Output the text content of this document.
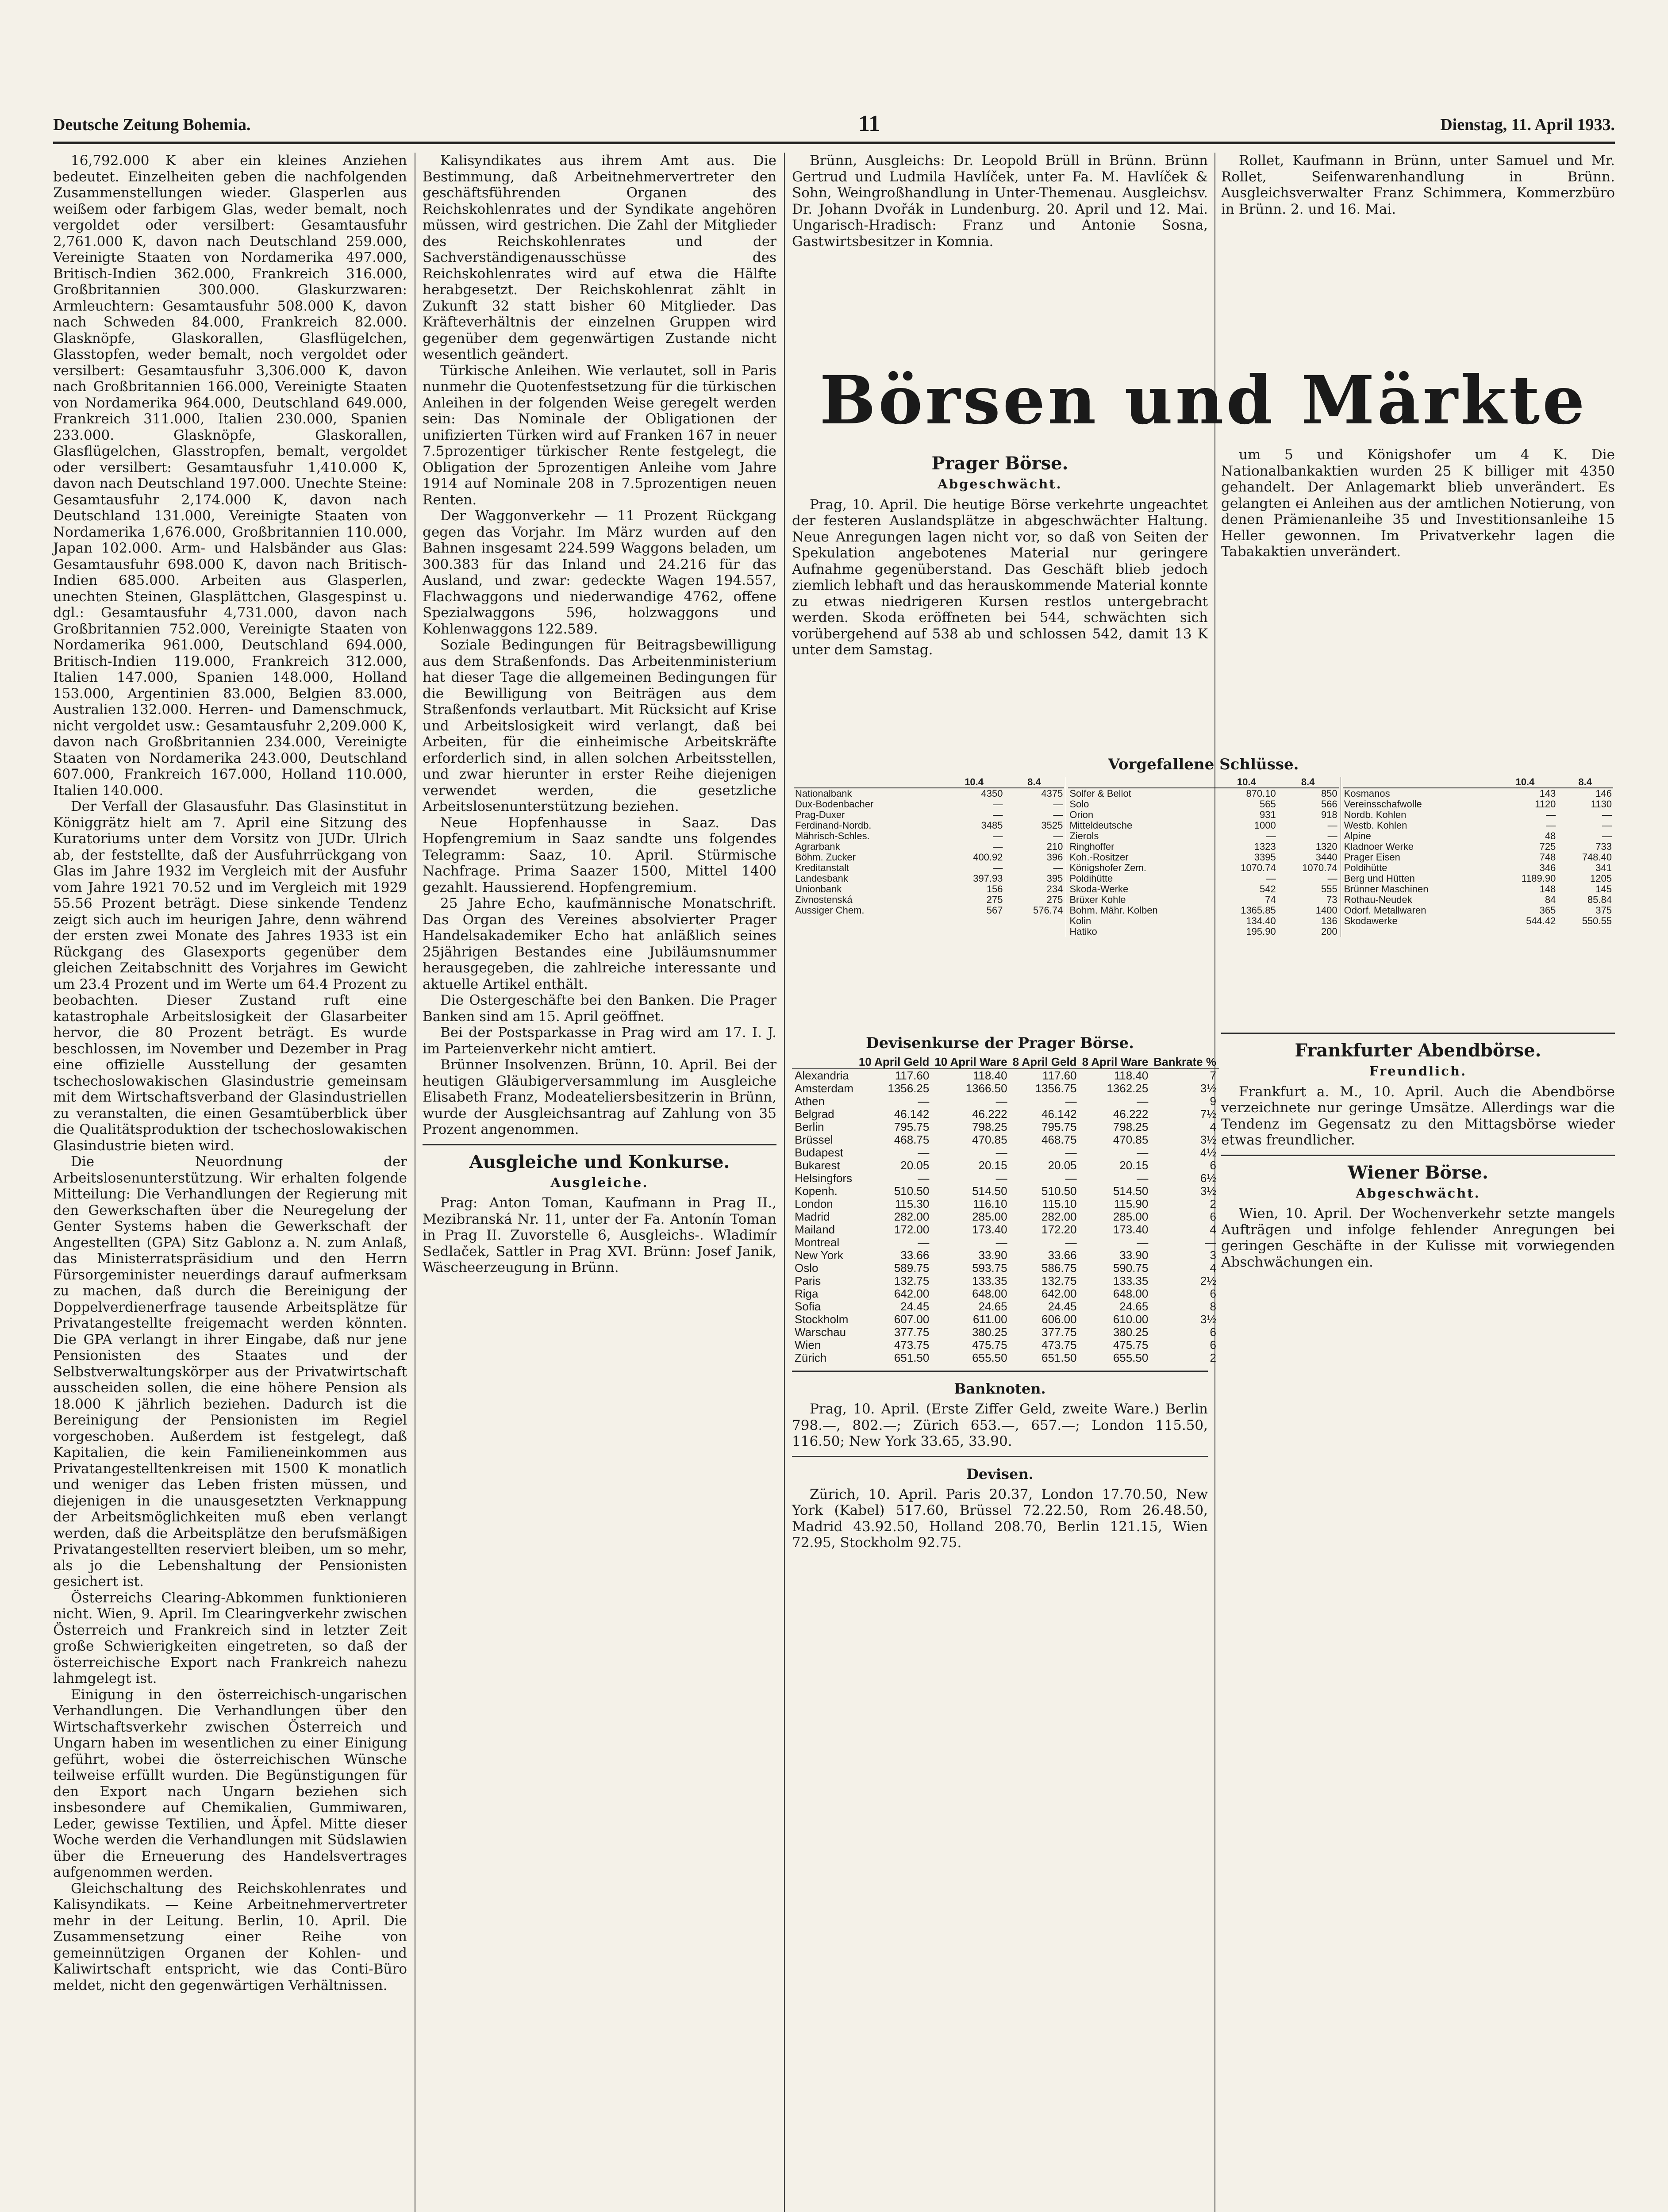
Deutsche Zeitung Bohemia.	11	Dienstag, 11. April 1933.

16,792.000 K aber ein kleines Anziehen bedeutet. Einzelheiten geben die nachfolgenden Zusammenstellungen wieder. Glasperlen aus weißem oder farbigem Glas, weder bemalt, noch vergoldet oder versilbert: Gesamtausfuhr 2,761.000 K, davon nach Deutschland 259.000, Vereinigte Staaten von Nordamerika 497.000, Britisch-Indien 362.000, Frankreich 316.000, Großbritannien 300.000. Glaskurzwaren: Armleuchtern: Gesamtausfuhr 508.000 K, davon nach Schweden 84.000, Frankreich 82.000. Glasknöpfe, Glaskorallen, Glasflügelchen, Glasstopfen, weder bemalt, noch vergoldet oder versilbert: Gesamtausfuhr 3,306.000 K, davon nach Großbritannien 166.000, Vereinigte Staaten von Nordamerika 964.000, Deutschland 649.000, Frankreich 311.000, Italien 230.000, Spanien 233.000. Glasknöpfe, Glaskorallen, Glasflügelchen, Glasstropfen, bemalt, vergoldet oder versilbert: Gesamtausfuhr 1,410.000 K, davon nach Deutschland 197.000. Unechte Steine: Gesamtausfuhr 2,174.000 K, davon nach Deutschland 131.000, Vereinigte Staaten von Nordamerika 1,676.000, Großbritannien 110.000, Japan 102.000. Arm- und Halsbänder aus Glas: Gesamtausfuhr 698.000 K, davon nach Britisch-Indien 685.000. Arbeiten aus Glasperlen, unechten Steinen, Glasplättchen, Glasgespinst u. dgl.: Gesamtausfuhr 4,731.000, davon nach Großbritannien 752.000, Vereinigte Staaten von Nordamerika 961.000, Deutschland 694.000, Britisch-Indien 119.000, Frankreich 312.000, Italien 147.000, Spanien 148.000, Holland 153.000, Argentinien 83.000, Belgien 83.000, Australien 132.000. Herren- und Damenschmuck, nicht vergoldet usw.: Gesamtausfuhr 2,209.000 K, davon nach Großbritannien 234.000, Vereinigte Staaten von Nordamerika 243.000, Deutschland 607.000, Frankreich 167.000, Holland 110.000, Italien 140.000.

Der Verfall der Glasausfuhr. Das Glasinstitut in Königgrätz hielt am 7. April eine Sitzung des Kuratoriums unter dem Vorsitz von JUDr. Ulrich ab, der feststellte, daß der Ausfuhrrückgang von Glas im Jahre 1932 im Vergleich mit der Ausfuhr vom Jahre 1921 70.52 und im Vergleich mit 1929 55.56 Prozent beträgt. Diese sinkende Tendenz zeigt sich auch im heurigen Jahre, denn während der ersten zwei Monate des Jahres 1933 ist ein Rückgang des Glasexports gegenüber dem gleichen Zeitabschnitt des Vorjahres im Gewicht um 23.4 Prozent und im Werte um 64.4 Prozent zu beobachten. Dieser Zustand ruft eine katastrophale Arbeitslosigkeit der Glasarbeiter hervor, die 80 Prozent beträgt. Es wurde beschlossen, im November und Dezember in Prag eine offizielle Ausstellung der gesamten tschechoslowakischen Glasindustrie gemeinsam mit dem Wirtschaftsverband der Glasindustriellen zu veranstalten, die einen Gesamtüberblick über die Qualitätsproduktion der tschechoslowakischen Glasindustrie bieten wird.

Die Neuordnung der Arbeitslosenunterstützung. Wir erhalten folgende Mitteilung: Die Verhandlungen der Regierung mit den Gewerkschaften über die Neuregelung der Genter Systems haben die Gewerkschaft der Angestellten (GPA) Sitz Gablonz a. N. zum Anlaß, das Ministerratspräsidium und den Herrn Fürsorgeminister neuerdings darauf aufmerksam zu machen, daß durch die Bereinigung der Doppelverdienerfrage tausende Arbeitsplätze für Privatangestellte freigemacht werden könnten. Die GPA verlangt in ihrer Eingabe, daß nur jene Pensionisten des Staates und der Selbstverwaltungskörper aus der Privatwirtschaft ausscheiden sollen, die eine höhere Pension als 18.000 K jährlich beziehen. Dadurch ist die Bereinigung der Pensionisten im Regiel vorgeschoben. Außerdem ist festgelegt, daß Kapitalien, die kein Familieneinkommen aus Privatangestelltenkreisen mit 1500 K monatlich und weniger das Leben fristen müssen, und diejenigen in die unausgesetzten Verknappung der Arbeitsmöglichkeiten muß eben verlangt werden, daß die Arbeitsplätze den berufsmäßigen Privatangestellten reserviert bleiben, um so mehr, als jo die Lebenshaltung der Pensionisten gesichert ist.

Österreichs Clearing-Abkommen funktionieren nicht. Wien, 9. April. Im Clearingverkehr zwischen Österreich und Frankreich sind in letzter Zeit große Schwierigkeiten eingetreten, so daß der österreichische Export nach Frankreich nahezu lahmgelegt ist.

Einigung in den österreichisch-ungarischen Verhandlungen. Die Verhandlungen über den Wirtschaftsverkehr zwischen Österreich und Ungarn haben im wesentlichen zu einer Einigung geführt, wobei die österreichischen Wünsche teilweise erfüllt wurden. Die Begünstigungen für den Export nach Ungarn beziehen sich insbesondere auf Chemikalien, Gummiwaren, Leder, gewisse Textilien, und Äpfel. Mitte dieser Woche werden die Verhandlungen mit Südslawien über die Erneuerung des Handelsvertrages aufgenommen werden.

Gleichschaltung des Reichskohlenrates und Kalisyndikats. — Keine Arbeitnehmervertreter mehr in der Leitung. Berlin, 10. April. Die Zusammensetzung einer Reihe von gemeinnützigen Organen der Kohlen- und Kaliwirtschaft entspricht, wie das Conti-Büro meldet, nicht den gegenwärtigen Verhältnissen.

Kalisyndikates aus ihrem Amt aus. Die Bestimmung, daß Arbeitnehmervertreter den geschäftsführenden Organen des Reichskohlenrates und der Syndikate angehören müssen, wird gestrichen. Die Zahl der Mitglieder des Reichskohlenrates und der Sachverständigenausschüsse des Reichskohlenrates wird auf etwa die Hälfte herabgesetzt. Der Reichskohlenrat zählt in Zukunft 32 statt bisher 60 Mitglieder. Das Kräfteverhältnis der einzelnen Gruppen wird gegenüber dem gegenwärtigen Zustande nicht wesentlich geändert.

Türkische Anleihen. Wie verlautet, soll in Paris nunmehr die Quotenfestsetzung für die türkischen Anleihen in der folgenden Weise geregelt werden sein: Das Nominale der Obligationen der unifizierten Türken wird auf Franken 167 in neuer 7.5prozentiger türkischer Rente festgelegt, die Obligation der 5prozentigen Anleihe vom Jahre 1914 auf Nominale 208 in 7.5prozentigen neuen Renten.

Der Waggonverkehr — 11 Prozent Rückgang gegen das Vorjahr. Im März wurden auf den Bahnen insgesamt 224.599 Waggons beladen, um 300.383 für das Inland und 24.216 für das Ausland, und zwar: gedeckte Wagen 194.557, Flachwaggons und niederwandige 4762, offene Spezialwaggons 596, holzwaggons und Kohlenwaggons 122.589.

Soziale Bedingungen für Beitragsbewilligung aus dem Straßenfonds. Das Arbeitenministerium hat dieser Tage die allgemeinen Bedingungen für die Bewilligung von Beiträgen aus dem Straßenfonds verlautbart. Mit Rücksicht auf Krise und Arbeitslosigkeit wird verlangt, daß bei Arbeiten, für die einheimische Arbeitskräfte erforderlich sind, in allen solchen Arbeitsstellen, und zwar hierunter in erster Reihe diejenigen verwendet werden, die gesetzliche Arbeitslosenunterstützung beziehen.

Neue Hopfenhausse in Saaz. Das Hopfengremium in Saaz sandte uns folgendes Telegramm: Saaz, 10. April. Stürmische Nachfrage. Prima Saazer 1500, Mittel 1400 gezahlt. Haussierend. Hopfengremium.

25 Jahre Echo, kaufmännische Monatschrift. Das Organ des Vereines absolvierter Prager Handelsakademiker Echo hat anläßlich seines 25jährigen Bestandes eine Jubiläumsnummer herausgegeben, die zahlreiche interessante und aktuelle Artikel enthält.

Die Ostergeschäfte bei den Banken. Die Prager Banken sind am 15. April geöffnet.

Bei der Postsparkasse in Prag wird am 17. I. J. im Parteienverkehr nicht amtiert.

Brünner Insolvenzen. Brünn, 10. April. Bei der heutigen Gläubigerversammlung im Ausgleiche Elisabeth Franz, Modeateliersbesitzerin in Brünn, wurde der Ausgleichsantrag auf Zahlung von 35 Prozent angenommen.

Ausgleiche und Konkurse.
Ausgleiche.

Prag: Anton Toman, Kaufmann in Prag II., Mezibranská Nr. 11, unter der Fa. Antonín Toman in Prag II. Zuvorstelle 6, Ausgleichs-. Wladimír Sedlaček, Sattler in Prag XVI. Brünn: Josef Janik, Wäscheerzeugung in Brünn.

Brünn, Ausgleichs: Dr. Leopold Brüll in Brünn. Brünn Gertrud und Ludmila Havlíček, unter Fa. M. Havlíček & Sohn, Weingroßhandlung in Unter-Themenau. Ausgleichsv. Dr. Johann Dvořák in Lundenburg. 20. April und 12. Mai. Ungarisch-Hradisch: Franz und Antonie Sosna, Gastwirtsbesitzer in Komnia.

Rollet, Kaufmann in Brünn, unter Samuel und Mr. Rollet, Seifenwarenhandlung in Brünn. Ausgleichsverwalter Franz Schimmera, Kommerzbüro in Brünn. 2. und 16. Mai.

Börsen und Märkte
Prager Börse.
Abgeschwächt.

Prag, 10. April. Die heutige Börse verkehrte ungeachtet der festeren Auslandsplätze in abgeschwächter Haltung. Neue Anregungen lagen nicht vor, so daß von Seiten der Spekulation angebotenes Material nur geringere Aufnahme gegenüberstand. Das Geschäft blieb jedoch ziemlich lebhaft und das herauskommende Material konnte zu etwas niedrigeren Kursen restlos untergebracht werden. Skoda eröffneten bei 544, schwächten sich vorübergehend auf 538 ab und schlossen 542, damit 13 K unter dem Samstag.

um 5 und Königshofer um 4 K. Die Nationalbankaktien wurden 25 K billiger mit 4350 gehandelt. Der Anlagemarkt blieb unverändert. Es gelangten ei Anleihen aus der amtlichen Notierung, von denen Prämienanleihe 35 und Investitionsanleihe 15 Heller gewonnen. Im Privatverkehr lagen die Tabakaktien unverändert.

Vorgefallene Schlüsse.
	10.4	8.4
Nationalbank	4350	4375
Dux-Bodenbacher	—	—
Prag-Duxer	—	—
Ferdinand-Nordb.	3485	3525
Mährisch-Schles.	—	—
Agrarbank	—	210
Böhm. Zucker	400.92	396
Kreditanstalt	—	—
Landesbank	397.93	395
Unionbank	156	234
Zivnostenská	275	275
Aussiger Chem.	567	576.74
	10.4	8.4
Solfer & Bellot	870.10	850
Solo	565	566
Orion	931	918
Mitteldeutsche	1000	—
Zierols	—	—
Ringhoffer	1323	1320
Koh.-Rositzer	3395	3440
Königshofer Zem.	1070.74	1070.74
Poldihütte	—	—
Skoda-Werke	542	555
Brüxer Kohle	74	73
Bohm. Mähr. Kolben	1365.85	1400
Kolin	134.40	136
Hatiko	195.90	200
	10.4	8.4
Kosmanos	143	146
Vereinsschafwolle	1120	1130
Nordb. Kohlen	—	—
Westb. Kohlen	—	—
Alpine	48	—
Kladnoer Werke	725	733
Prager Eisen	748	748.40
Poldihütte	346	341
Berg und Hütten	1189.90	1205
Brünner Maschinen	148	145
Rothau-Neudek	84	85.84
Odorf. Metallwaren	365	375
Skodawerke	544.42	550.55
Devisenkurse der Prager Börse.
	10 April Geld	10 April Ware	8 April Geld	8 April Ware	Bankrate %
Alexandria	117.60	118.40	117.60	118.40	7
Amsterdam	1356.25	1366.50	1356.75	1362.25	3½
Athen	—	—	—	—	9
Belgrad	46.142	46.222	46.142	46.222	7½
Berlin	795.75	798.25	795.75	798.25	4
Brüssel	468.75	470.85	468.75	470.85	3½
Budapest	—	—	—	—	4½
Bukarest	20.05	20.15	20.05	20.15	6
Helsingfors	—	—	—	—	6½
Kopenh.	510.50	514.50	510.50	514.50	3½
London	115.30	116.10	115.10	115.90	2
Madrid	282.00	285.00	282.00	285.00	6
Mailand	172.00	173.40	172.20	173.40	4
Montreal	—	—	—	—	—
New York	33.66	33.90	33.66	33.90	3
Oslo	589.75	593.75	586.75	590.75	4
Paris	132.75	133.35	132.75	133.35	2½
Riga	642.00	648.00	642.00	648.00	6
Sofia	24.45	24.65	24.45	24.65	8
Stockholm	607.00	611.00	606.00	610.00	3½
Warschau	377.75	380.25	377.75	380.25	6
Wien	473.75	475.75	473.75	475.75	6
Zürich	651.50	655.50	651.50	655.50	2
Banknoten.

Prag, 10. April. (Erste Ziffer Geld, zweite Ware.) Berlin 798.—, 802.—; Zürich 653.—, 657.—; London 115.50, 116.50; New York 33.65, 33.90.

Devisen.

Zürich, 10. April. Paris 20.37, London 17.70.50, New York (Kabel) 517.60, Brüssel 72.22.50, Rom 26.48.50, Madrid 43.92.50, Holland 208.70, Berlin 121.15, Wien 72.95, Stockholm 92.75.

Frankfurter Abendbörse.
Freundlich.

Frankfurt a. M., 10. April. Auch die Abendbörse verzeichnete nur geringe Umsätze. Allerdings war die Tendenz im Gegensatz zu den Mittagsbörse wieder etwas freundlicher.

Wiener Börse.
Abgeschwächt.

Wien, 10. April. Der Wochenverkehr setzte mangels Aufträgen und infolge fehlender Anregungen bei geringen Geschäfte in der Kulisse mit vorwiegenden Abschwächungen ein.
